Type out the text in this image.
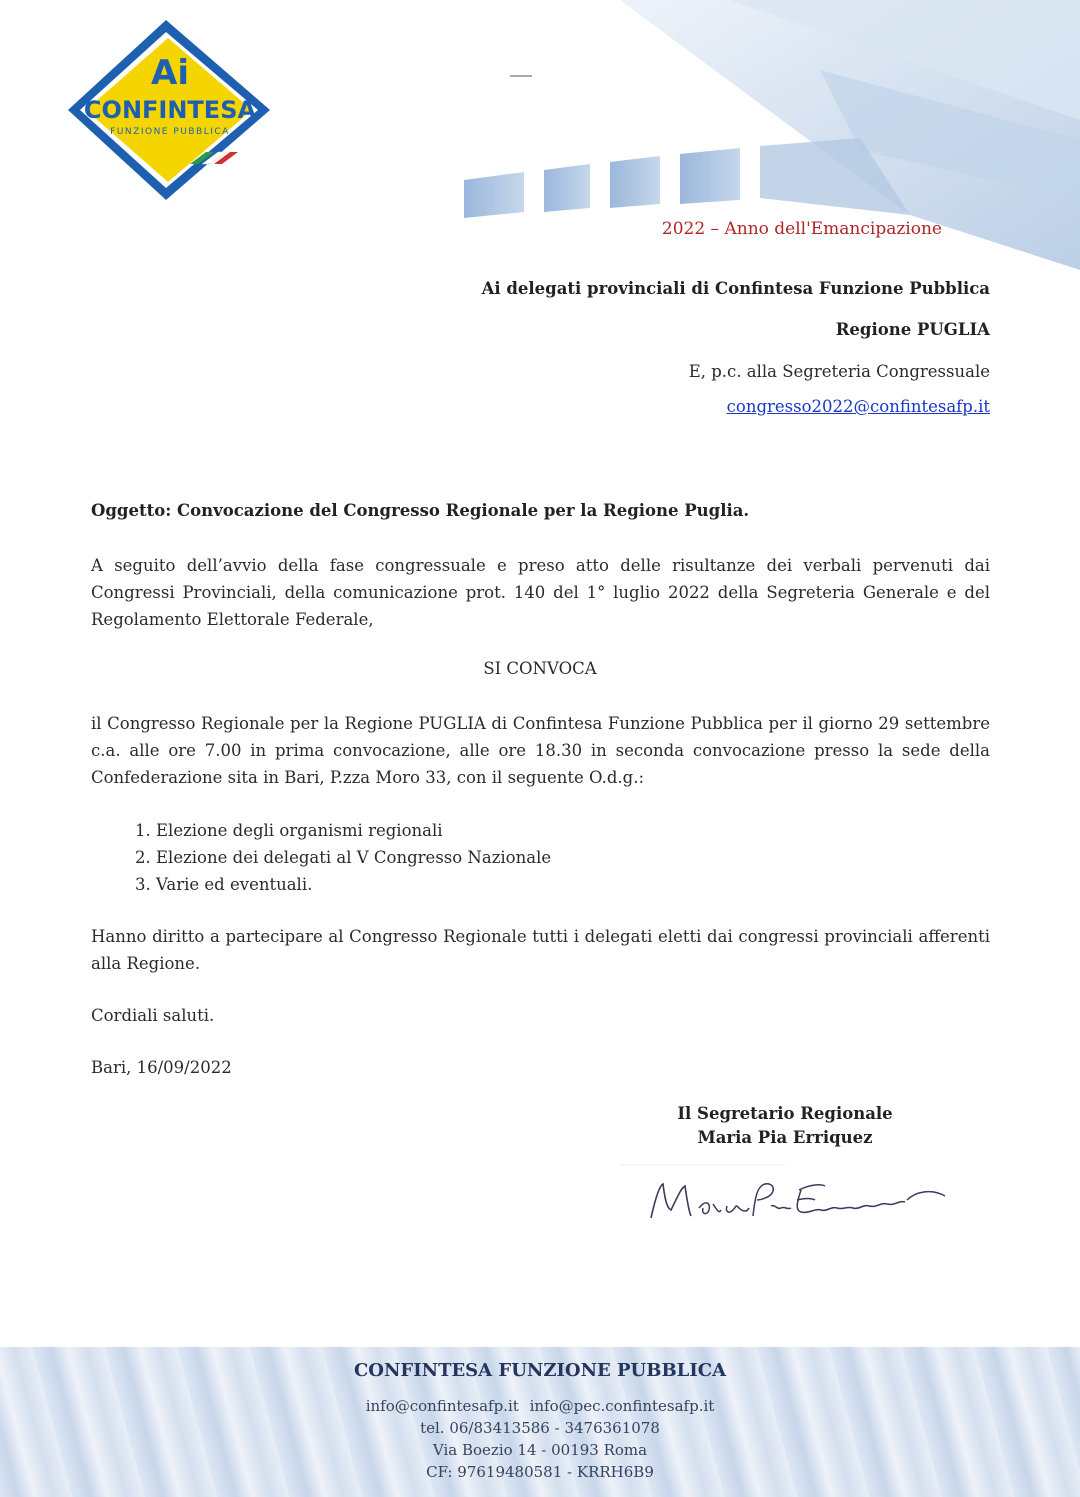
Ai
CONFINTESA
FUNZIONE PUBBLICA
2022 – Anno dell'Emancipazione
Ai delegati provinciali di Confintesa Funzione Pubblica
Regione PUGLIA
E, p.c. alla Segreteria Congressuale
congresso2022@confintesafp.it
Oggetto: Convocazione del Congresso Regionale per la Regione Puglia.
A seguito dell’avvio della fase congressuale e preso atto delle risultanze dei verbali pervenuti dai Congressi Provinciali, della comunicazione prot. 140 del 1° luglio 2022 della Segreteria Generale e del Regolamento Elettorale Federale,
SI CONVOCA
il Congresso Regionale per la Regione PUGLIA di Confintesa Funzione Pubblica per il giorno 29 settembre c.a. alle ore 7.00 in prima convocazione, alle ore 18.30 in seconda convocazione presso la sede della Confederazione sita in Bari, P.zza Moro 33, con il seguente O.d.g.:
1. Elezione degli organismi regionali
2. Elezione dei delegati al V Congresso Nazionale
3. Varie ed eventuali.
Hanno diritto a partecipare al Congresso Regionale tutti i delegati eletti dai congressi provinciali afferenti alla Regione.
Cordiali saluti.
Bari, 16/09/2022
Il Segretario Regionale
Maria Pia Erriquez
CONFINTESA FUNZIONE PUBBLICA
info@confintesafp.it info@pec.confintesafp.it
tel. 06/83413586 - 3476361078
Via Boezio 14 - 00193 Roma
CF: 97619480581 - KRRH6B9
